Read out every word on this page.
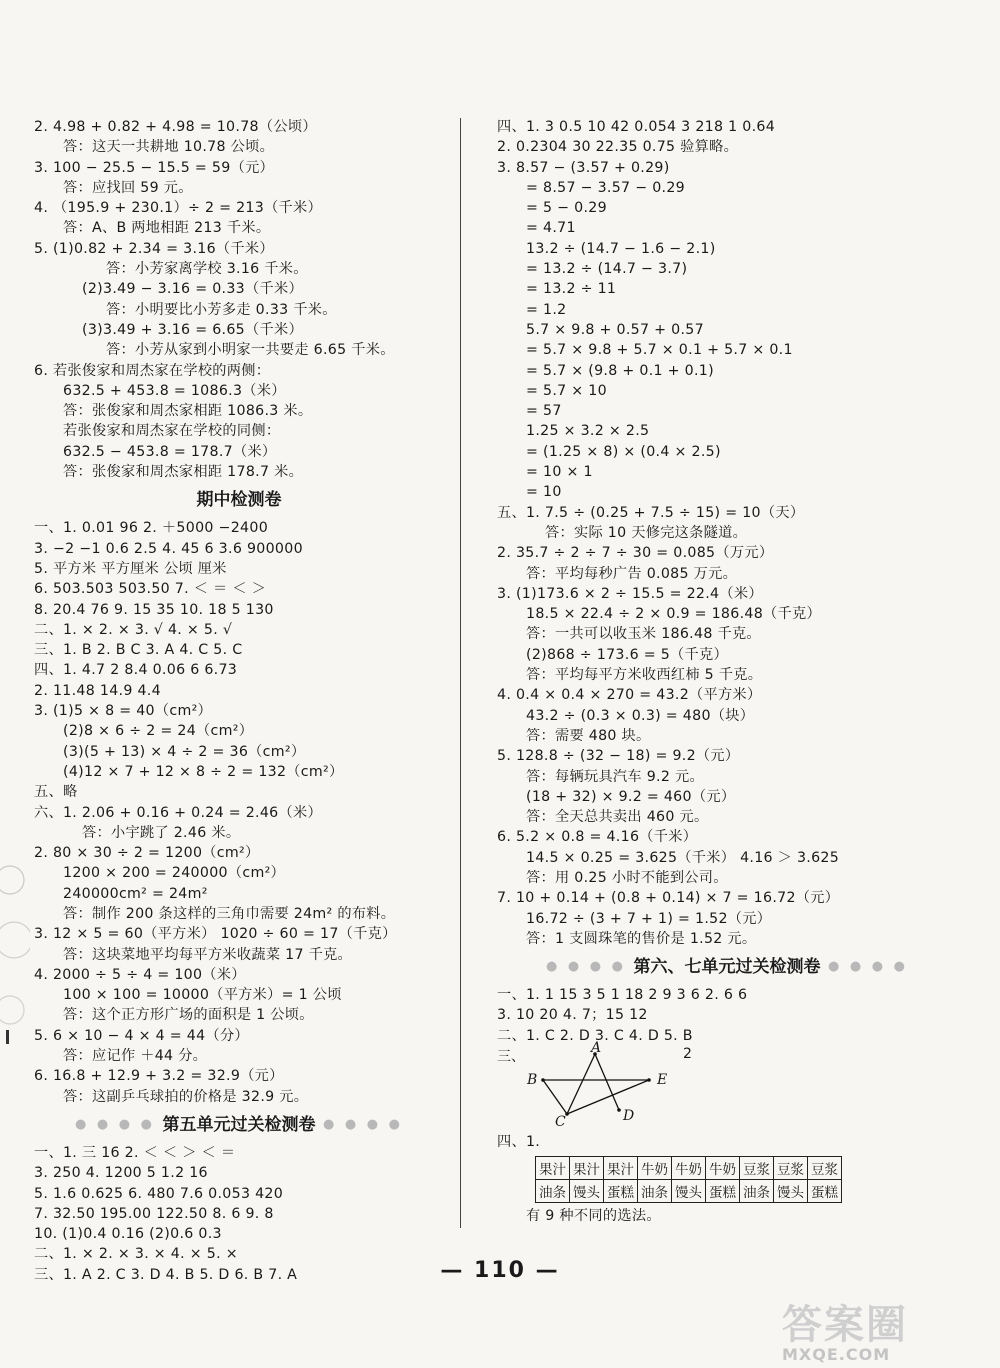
2. 4.98 + 0.82 + 4.98 = 10.78（公顷）
答：这天一共耕地 10.78 公顷。
3. 100 − 25.5 − 15.5 = 59（元）
答：应找回 59 元。
4. （195.9 + 230.1）÷ 2 = 213（千米）
答：A、B 两地相距 213 千米。
5. (1)0.82 + 2.34 = 3.16（千米）
答：小芳家离学校 3.16 千米。
(2)3.49 − 3.16 = 0.33（千米）
答：小明要比小芳多走 0.33 千米。
(3)3.49 + 3.16 = 6.65（千米）
答：小芳从家到小明家一共要走 6.65 千米。
6. 若张俊家和周杰家在学校的两侧：
632.5 + 453.8 = 1086.3（米）
答：张俊家和周杰家相距 1086.3 米。
若张俊家和周杰家在学校的同侧：
632.5 − 453.8 = 178.7（米）
答：张俊家和周杰家相距 178.7 米。
期中检测卷
一、1. 0.01 96 2. ＋5000 −2400
3. −2 −1 0.6 2.5 4. 45 6 3.6 900000
5. 平方米 平方厘米 公顷 厘米
6. 503.503 503.50 7. ＜ ＝ ＜ ＞
8. 20.4 76 9. 15 35 10. 18 5 130
二、1. × 2. × 3. √ 4. × 5. √
三、1. B 2. B C 3. A 4. C 5. C
四、1. 4.7 2 8.4 0.06 6 6.73
2. 11.48 14.9 4.4
3. (1)5 × 8 = 40（cm²）
(2)8 × 6 ÷ 2 = 24（cm²）
(3)(5 + 13) × 4 ÷ 2 = 36（cm²）
(4)12 × 7 + 12 × 8 ÷ 2 = 132（cm²）
五、略
六、1. 2.06 + 0.16 + 0.24 = 2.46（米）
答：小宇跳了 2.46 米。
2. 80 × 30 ÷ 2 = 1200（cm²）
1200 × 200 = 240000（cm²）
240000cm² = 24m²
答：制作 200 条这样的三角巾需要 24m² 的布料。
3. 12 × 5 = 60（平方米） 1020 ÷ 60 = 17（千克）
答：这块菜地平均每平方米收蔬菜 17 千克。
4. 2000 ÷ 5 ÷ 4 = 100（米）
100 × 100 = 10000（平方米）= 1 公顷
答：这个正方形广场的面积是 1 公顷。
5. 6 × 10 − 4 × 4 = 44（分）
答：应记作 ＋44 分。
6. 16.8 + 12.9 + 3.2 = 32.9（元）
答：这副乒乓球拍的价格是 32.9 元。
● ● ● ● 第五单元过关检测卷 ● ● ● ●
一、1. 三 16 2. ＜ ＜ ＞ ＜ ＝
3. 250 4. 1200 5 1.2 16
5. 1.6 0.625 6. 480 7.6 0.053 420
7. 32.50 195.00 122.50 8. 6 9. 8
10. (1)0.4 0.16 (2)0.6 0.3
二、1. × 2. × 3. × 4. × 5. ×
三、1. A 2. C 3. D 4. B 5. D 6. B 7. A
四、1. 3 0.5 10 42 0.054 3 218 1 0.64
2. 0.2304 30 22.35 0.75 验算略。
3. 8.57 − (3.57 + 0.29)
= 8.57 − 3.57 − 0.29
= 5 − 0.29
= 4.71
13.2 ÷ (14.7 − 1.6 − 2.1)
= 13.2 ÷ (14.7 − 3.7)
= 13.2 ÷ 11
= 1.2
5.7 × 9.8 + 0.57 + 0.57
= 5.7 × 9.8 + 5.7 × 0.1 + 5.7 × 0.1
= 5.7 × (9.8 + 0.1 + 0.1)
= 5.7 × 10
= 57
1.25 × 3.2 × 2.5
= (1.25 × 8) × (0.4 × 2.5)
= 10 × 1
= 10
五、1. 7.5 ÷ (0.25 + 7.5 ÷ 15) = 10（天）
答：实际 10 天修完这条隧道。
2. 35.7 ÷ 2 ÷ 7 ÷ 30 = 0.085（万元）
答：平均每秒广告 0.085 万元。
3. (1)173.6 × 2 ÷ 15.5 = 22.4（米）
18.5 × 22.4 ÷ 2 × 0.9 = 186.48（千克）
答：一共可以收玉米 186.48 千克。
(2)868 ÷ 173.6 = 5（千克）
答：平均每平方米收西红柿 5 千克。
4. 0.4 × 0.4 × 270 = 43.2（平方米）
43.2 ÷ (0.3 × 0.3) = 480（块）
答：需要 480 块。
5. 128.8 ÷ (32 − 18) = 9.2（元）
答：每辆玩具汽车 9.2 元。
(18 + 32) × 9.2 = 460（元）
答：全天总共卖出 460 元。
6. 5.2 × 0.8 = 4.16（千米）
14.5 × 0.25 = 3.625（千米） 4.16 ＞ 3.625
答：用 0.25 小时不能到公司。
7. 10 + 0.14 + (0.8 + 0.14) × 7 = 16.72（元）
16.72 ÷ (3 + 7 + 1) = 1.52（元）
答：1 支圆珠笔的售价是 1.52 元。
● ● ● ● 第六、七单元过关检测卷 ● ● ● ●
一、1. 1 15 3 5 1 18 2 9 3 6 2. 6 6
3. 10 20 4. 7；15 12
二、1. C 2. D 3. C 4. D 5. B
三、
A
B
C	D
E
2
四、1.
果汁	果汁	果汁	牛奶	牛奶	牛奶	豆浆	豆浆	豆浆
油条	馒头	蛋糕	油条	馒头	蛋糕	油条	馒头	蛋糕
有 9 种不同的选法。
— 110 —
答案圈
MXQE.COM
